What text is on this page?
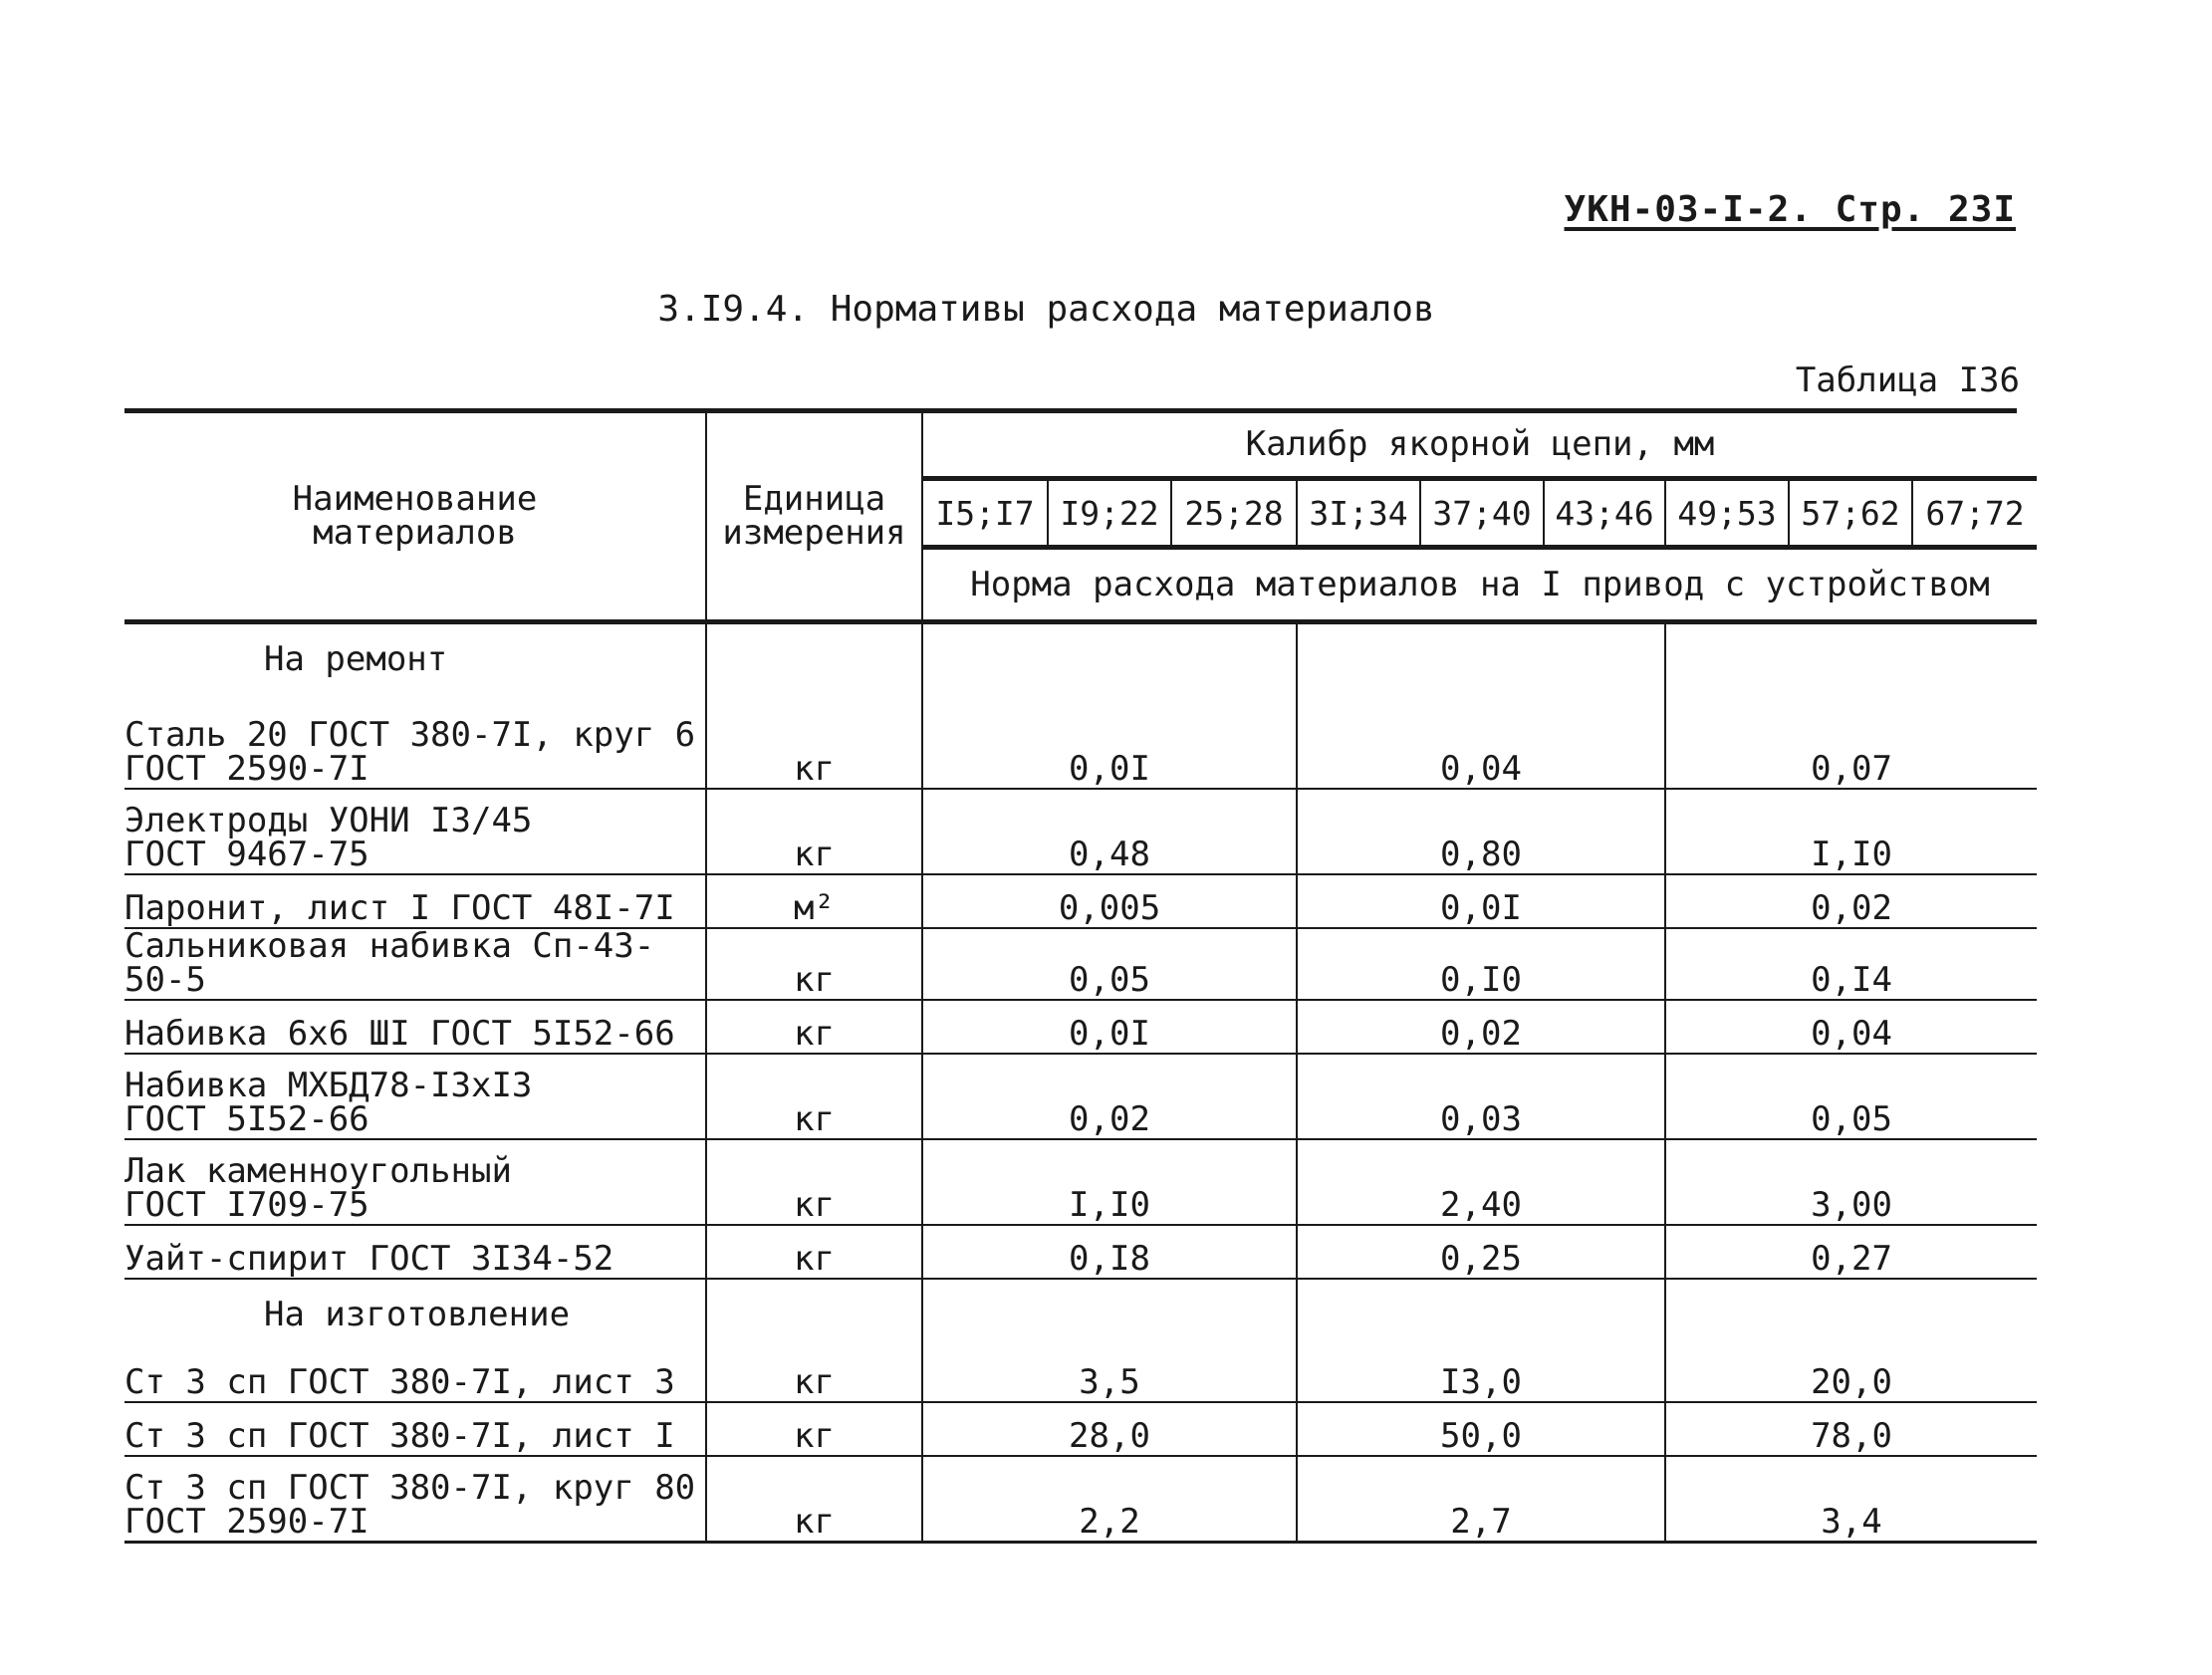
УКН-03-I-2. Стр. 23I
3.I9.4. Нормативы расхода материалов
Таблица I36
Наименование
материалов	Единица
измерения	Калибр якорной цепи, мм								
		I5;I7	I9;22	25;28	3I;34	37;40	43;46	49;53	57;62	67;72
		Норма расхода материалов на I привод с устройством								
На ремонт										
Сталь 20 ГОСТ 380-7I, круг 6
ГОСТ 2590-7I	кг	0,0I			0,04			0,07		
Электроды УОНИ I3/45
ГОСТ 9467-75	кг	0,48			0,80			I,I0		
Паронит, лист I ГОСТ 48I-7I	м²	0,005			0,0I			0,02		
Сальниковая набивка Сп-43-50-5	кг	0,05			0,I0			0,I4		
Набивка 6х6 ШI ГОСТ 5I52-66	кг	0,0I			0,02			0,04		
Набивка МХБД78-I3хI3
ГОСТ 5I52-66	кг	0,02			0,03			0,05		
Лак каменноугольный
ГОСТ I709-75	кг	I,I0			2,40			3,00		
Уайт-спирит ГОСТ 3I34-52	кг	0,I8			0,25			0,27		
На изготовление										
Ст 3 сп ГОСТ 380-7I, лист 3	кг	3,5			I3,0			20,0		
Ст 3 сп ГОСТ 380-7I, лист I	кг	28,0			50,0			78,0		
Ст 3 сп ГОСТ 380-7I, круг 80
ГОСТ 2590-7I	кг	2,2			2,7			3,4		
